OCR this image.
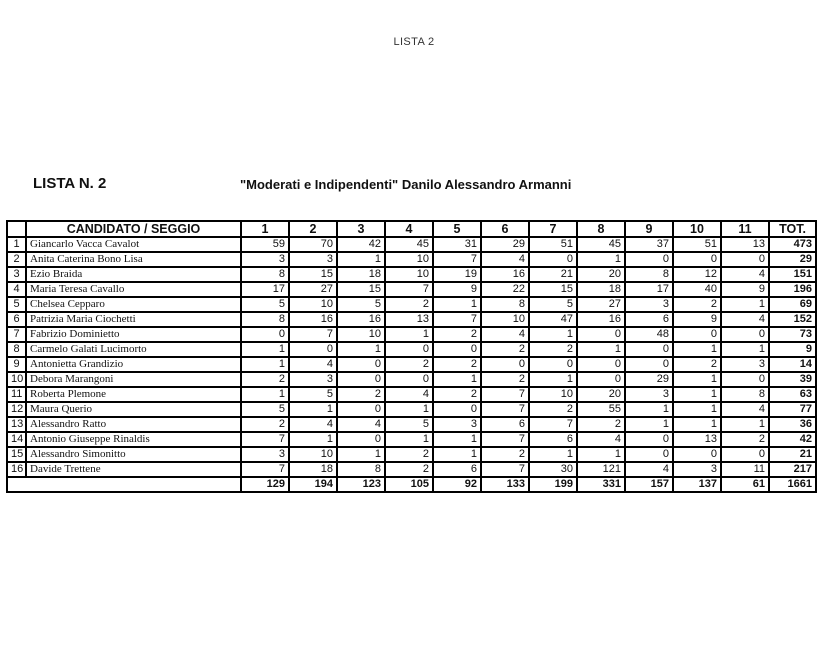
LISTA 2
LISTA N. 2	"Moderati e Indipendenti" Danilo Alessandro Armanni
	CANDIDATO / SEGGIO	1	2	3	4	5	6	7	8	9	10	11	TOT.
1	Giancarlo Vacca Cavalot	59	70	42	45	31	29	51	45	37	51	13	473
2	Anita Caterina Bono Lisa	3	3	1	10	7	4	0	1	0	0	0	29
3	Ezio Braida	8	15	18	10	19	16	21	20	8	12	4	151
4	Maria Teresa Cavallo	17	27	15	7	9	22	15	18	17	40	9	196
5	Chelsea Cepparo	5	10	5	2	1	8	5	27	3	2	1	69
6	Patrizia Maria Ciochetti	8	16	16	13	7	10	47	16	6	9	4	152
7	Fabrizio Dominietto	0	7	10	1	2	4	1	0	48	0	0	73
8	Carmelo Galati Lucimorto	1	0	1	0	0	2	2	1	0	1	1	9
9	Antonietta Grandizio	1	4	0	2	2	0	0	0	0	2	3	14
10	Debora Marangoni	2	3	0	0	1	2	1	0	29	1	0	39
11	Roberta Plemone	1	5	2	4	2	7	10	20	3	1	8	63
12	Maura Querio	5	1	0	1	0	7	2	55	1	1	4	77
13	Alessandro Ratto	2	4	4	5	3	6	7	2	1	1	1	36
14	Antonio Giuseppe Rinaldis	7	1	0	1	1	7	6	4	0	13	2	42
15	Alessandro Simonitto	3	10	1	2	1	2	1	1	0	0	0	21
16	Davide Trettene	7	18	8	2	6	7	30	121	4	3	11	217
		129	194	123	105	92	133	199	331	157	137	61	1661
